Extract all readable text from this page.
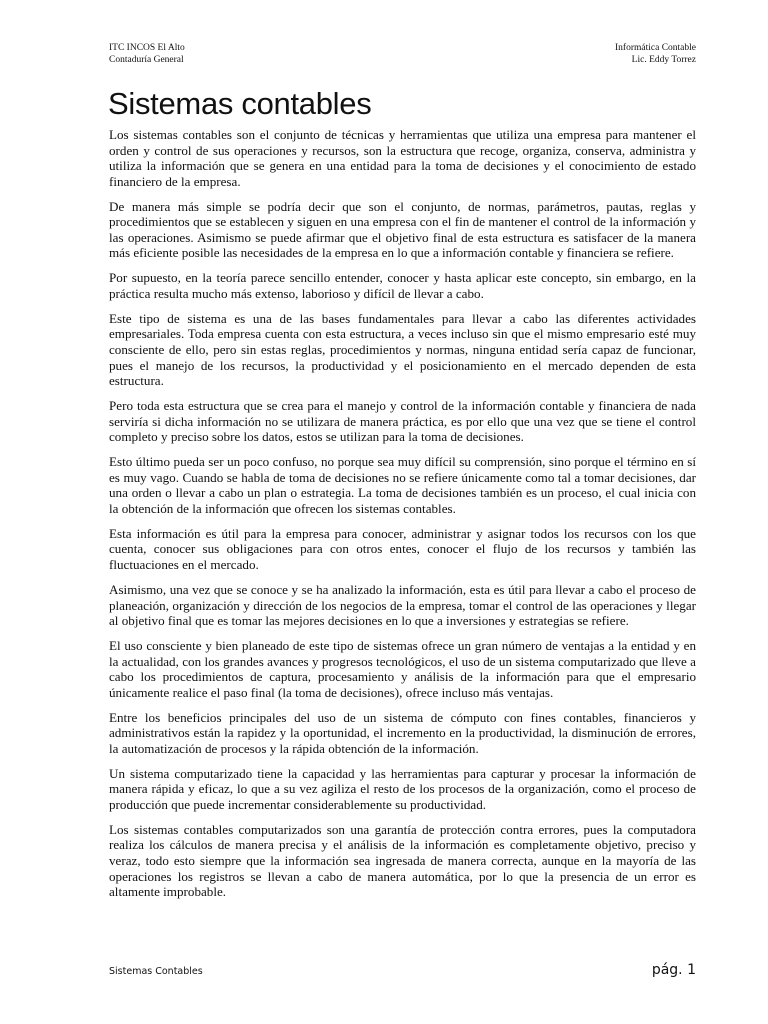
ITC INCOS El Alto
Contaduría General
Informática Contable
Lic. Eddy Torrez
Sistemas contables

Los sistemas contables son el conjunto de técnicas y herramientas que utiliza una empresa para mantener el orden y control de sus operaciones y recursos, son la estructura que recoge, organiza, conserva, administra y utiliza la información que se genera en una entidad para la toma de decisiones y el conocimiento de estado financiero de la empresa.

De manera más simple se podría decir que son el conjunto, de normas, parámetros, pautas, reglas y procedimientos que se establecen y siguen en una empresa con el fin de mantener el control de la información y las operaciones. Asimismo se puede afirmar que el objetivo final de esta estructura es satisfacer de la manera más eficiente posible las necesidades de la empresa en lo que a información contable y financiera se refiere.

Por supuesto, en la teoría parece sencillo entender, conocer y hasta aplicar este concepto, sin embargo, en la práctica resulta mucho más extenso, laborioso y difícil de llevar a cabo.

Este tipo de sistema es una de las bases fundamentales para llevar a cabo las diferentes actividades empresariales. Toda empresa cuenta con esta estructura, a veces incluso sin que el mismo empresario esté muy consciente de ello, pero sin estas reglas, procedimientos y normas, ninguna entidad sería capaz de funcionar, pues el manejo de los recursos, la productividad y el posicionamiento en el mercado dependen de esta estructura.

Pero toda esta estructura que se crea para el manejo y control de la información contable y financiera de nada serviría si dicha información no se utilizara de manera práctica, es por ello que una vez que se tiene el control completo y preciso sobre los datos, estos se utilizan para la toma de decisiones.

Esto último pueda ser un poco confuso, no porque sea muy difícil su comprensión, sino porque el término en sí es muy vago. Cuando se habla de toma de decisiones no se refiere únicamente como tal a tomar decisiones, dar una orden o llevar a cabo un plan o estrategia. La toma de decisiones también es un proceso, el cual inicia con la obtención de la información que ofrecen los sistemas contables.

Esta información es útil para la empresa para conocer, administrar y asignar todos los recursos con los que cuenta, conocer sus obligaciones para con otros entes, conocer el flujo de los recursos y también las fluctuaciones en el mercado.

Asimismo, una vez que se conoce y se ha analizado la información, esta es útil para llevar a cabo el proceso de planeación, organización y dirección de los negocios de la empresa, tomar el control de las operaciones y llegar al objetivo final que es tomar las mejores decisiones en lo que a inversiones y estrategias se refiere.

El uso consciente y bien planeado de este tipo de sistemas ofrece un gran número de ventajas a la entidad y en la actualidad, con los grandes avances y progresos tecnológicos, el uso de un sistema computarizado que lleve a cabo los procedimientos de captura, procesamiento y análisis de la información para que el empresario únicamente realice el paso final (la toma de decisiones), ofrece incluso más ventajas.

Entre los beneficios principales del uso de un sistema de cómputo con fines contables, financieros y administrativos están la rapidez y la oportunidad, el incremento en la productividad, la disminución de errores, la automatización de procesos y la rápida obtención de la información.

Un sistema computarizado tiene la capacidad y las herramientas para capturar y procesar la información de manera rápida y eficaz, lo que a su vez agiliza el resto de los procesos de la organización, como el proceso de producción que puede incrementar considerablemente su productividad.

Los sistemas contables computarizados son una garantía de protección contra errores, pues la computadora realiza los cálculos de manera precisa y el análisis de la información es completamente objetivo, preciso y veraz, todo esto siempre que la información sea ingresada de manera correcta, aunque en la mayoría de las operaciones los registros se llevan a cabo de manera automática, por lo que la presencia de un error es altamente improbable.

Sistemas Contables	pág. 1
